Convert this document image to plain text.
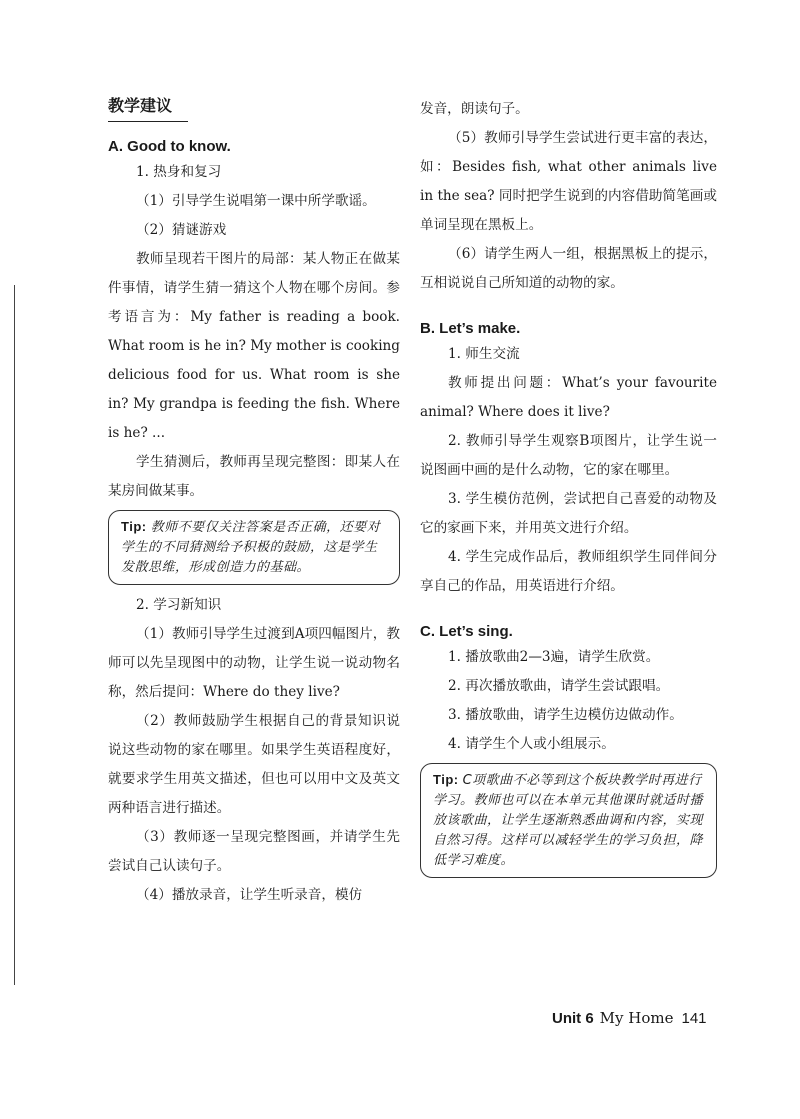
教学建议
A. Good to know.
1. 热身和复习
（1）引导学生说唱第一课中所学歌谣。
（2）猜谜游戏
教师呈现若干图片的局部：某人物正在做某件事情，请学生猜一猜这个人物在哪个房间。参考语言为：My father is reading a book. What room is he in? My mother is cooking delicious food for us. What room is she in? My grandpa is feeding the fish. Where is he? ...
学生猜测后，教师再呈现完整图：即某人在某房间做某事。
Tip: 教师不要仅关注答案是否正确，还要对学生的不同猜测给予积极的鼓励，这是学生发散思维，形成创造力的基础。
2. 学习新知识
（1）教师引导学生过渡到A项四幅图片，教师可以先呈现图中的动物，让学生说一说动物名称，然后提问：Where do they live?
（2）教师鼓励学生根据自己的背景知识说说这些动物的家在哪里。如果学生英语程度好，就要求学生用英文描述，但也可以用中文及英文两种语言进行描述。
（3）教师逐一呈现完整图画，并请学生先尝试自己认读句子。
（4）播放录音，让学生听录音，模仿
发音，朗读句子。
（5）教师引导学生尝试进行更丰富的表达，如：Besides fish, what other animals live in the sea? 同时把学生说到的内容借助简笔画或单词呈现在黑板上。
（6）请学生两人一组，根据黑板上的提示，互相说说自己所知道的动物的家。
B. Let’s make.
1. 师生交流
教师提出问题：What’s your favourite animal? Where does it live?
2. 教师引导学生观察B项图片，让学生说一说图画中画的是什么动物，它的家在哪里。
3. 学生模仿范例，尝试把自己喜爱的动物及它的家画下来，并用英文进行介绍。
4. 学生完成作品后，教师组织学生同伴间分享自己的作品，用英语进行介绍。
C. Let’s sing.
1. 播放歌曲2—3遍，请学生欣赏。
2. 再次播放歌曲，请学生尝试跟唱。
3. 播放歌曲，请学生边模仿边做动作。
4. 请学生个人或小组展示。
Tip: C项歌曲不必等到这个板块教学时再进行学习。教师也可以在本单元其他课时就适时播放该歌曲，让学生逐渐熟悉曲调和内容，实现自然习得。这样可以减轻学生的学习负担，降低学习难度。
Unit 6 My Home 141
